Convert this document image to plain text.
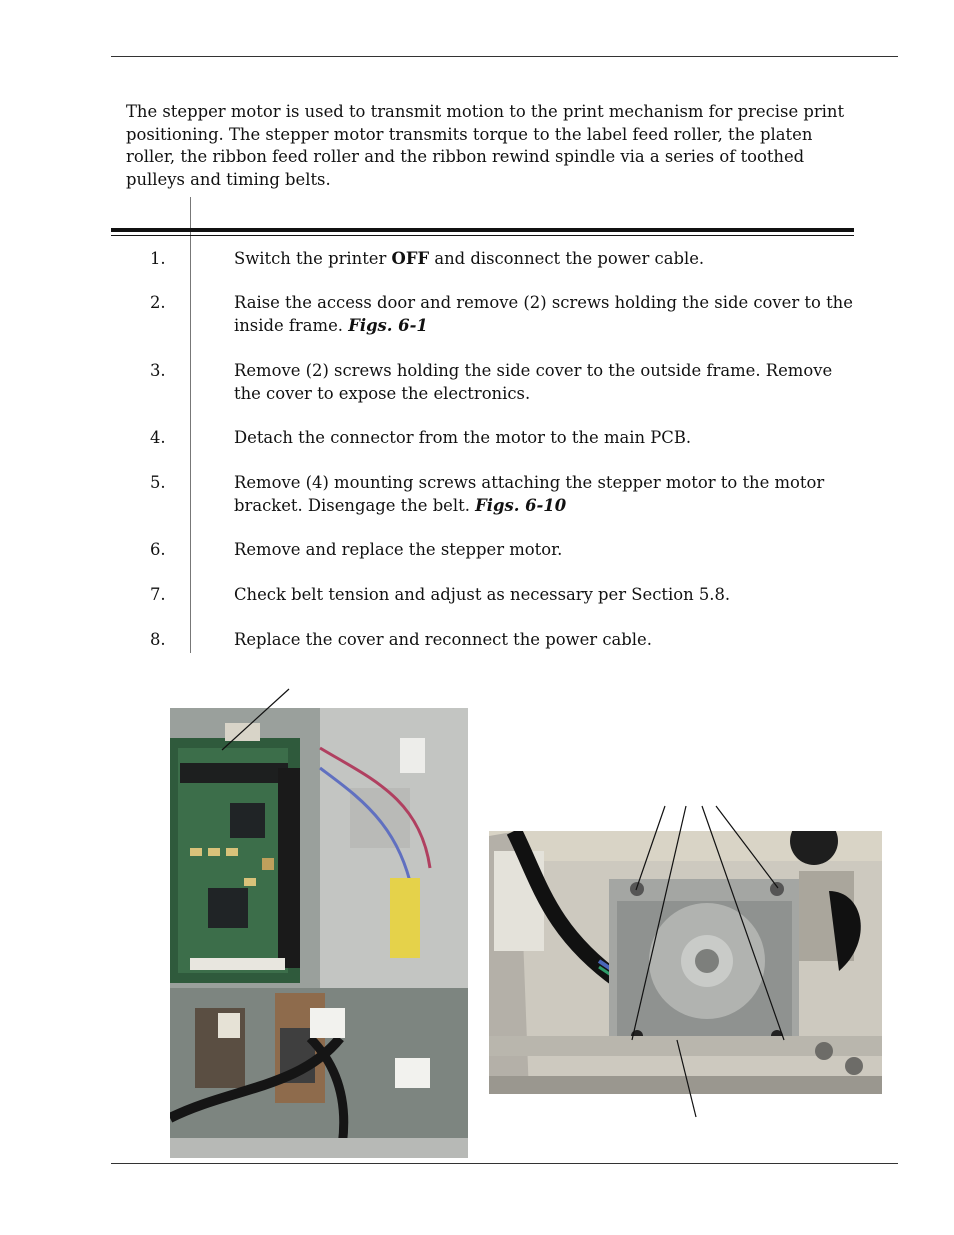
The stepper motor is used to transmit motion to the print mechanism for precise print positioning. The stepper motor transmits torque to the label feed roller, the platen roller, the ribbon feed roller and the ribbon rewind spindle via a series of toothed pulleys and timing belts.

1.	Switch the printer OFF and disconnect the power cable.
2.	Raise the access door and remove (2) screws holding the side cover to the inside frame. Figs. 6-1
3.	Remove (2) screws holding the side cover to the outside frame. Remove the cover to expose the electronics.
4.	Detach the connector from the motor to the main PCB.
5.	Remove (4) mounting screws attaching the stepper motor to the motor bracket. Disengage the belt. Figs. 6-10
6.	Remove and replace the stepper motor.
7.	Check belt tension and adjust as necessary per Section 5.8.
8.	Replace the cover and reconnect the power cable.
